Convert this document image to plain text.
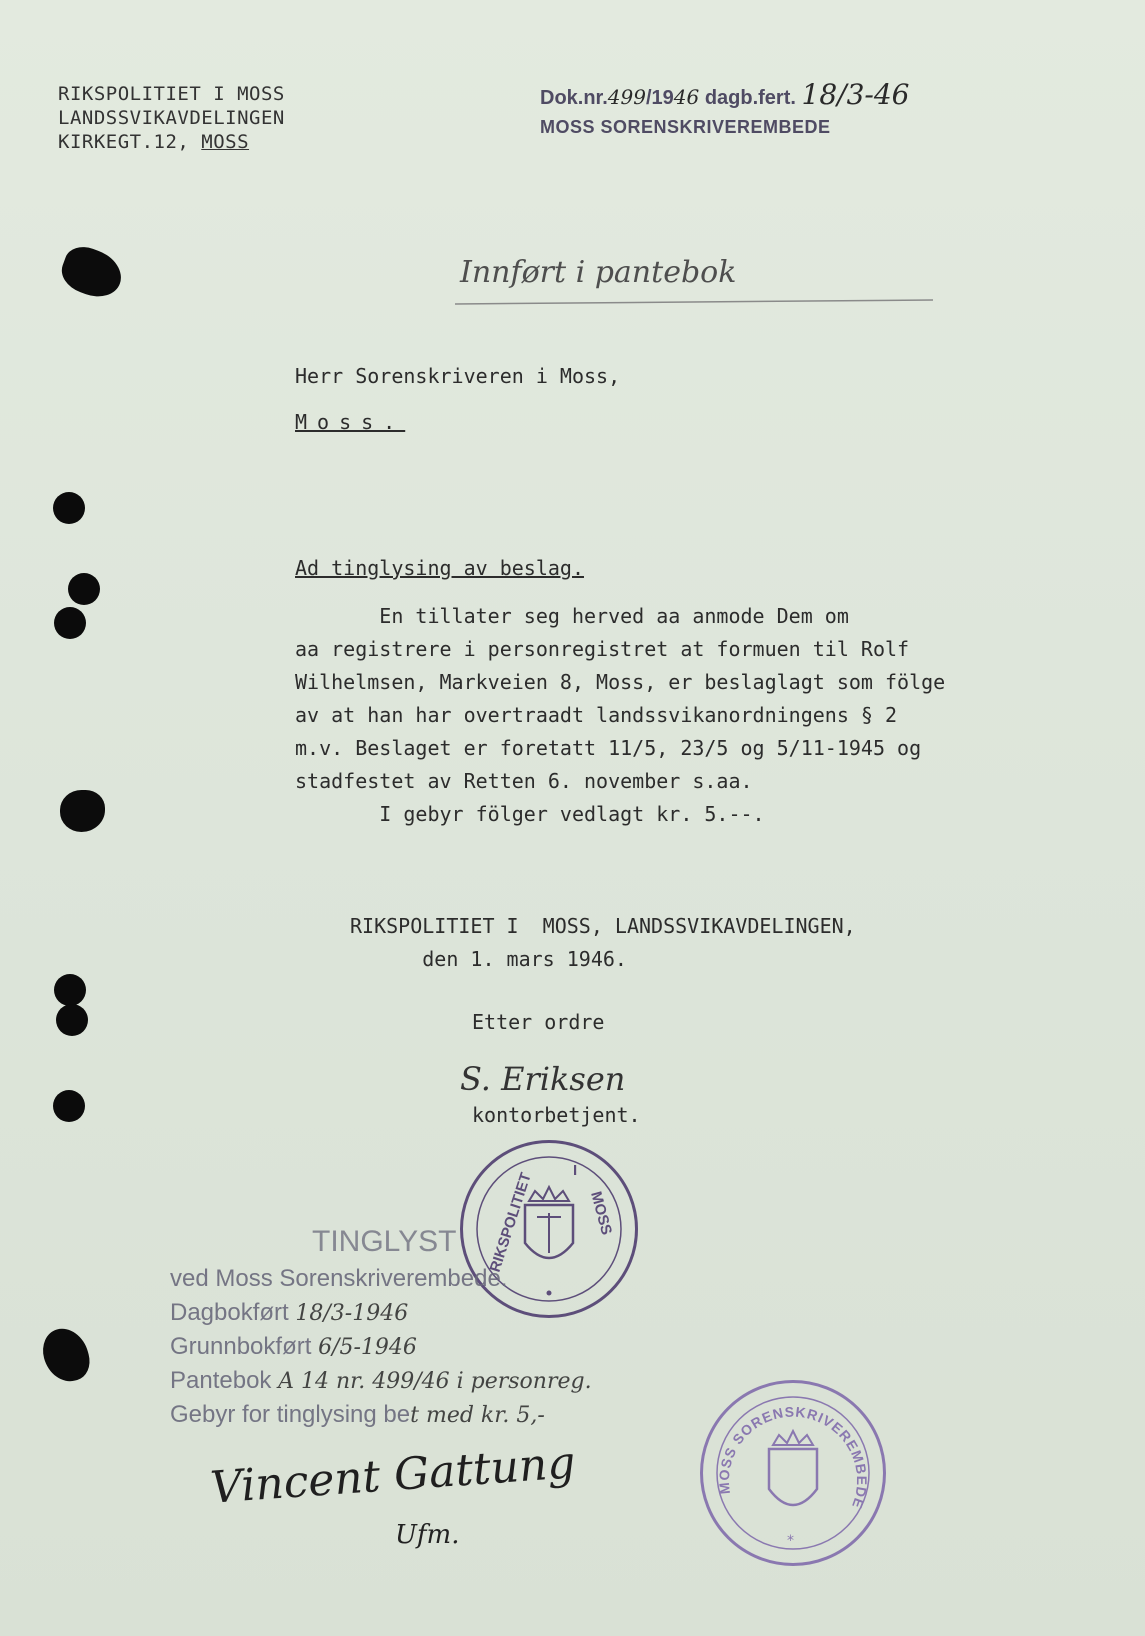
RIKSPOLITIET I MOSS
LANDSSVIKAVDELINGEN
KIRKEGT.12, MOSS
Dok.nr.499/1946 dagb.fert. 18/3-46
MOSS SORENSKRIVEREMBEDE
Innført i pantebok
Herr Sorenskriveren i Moss,
Moss.
Ad tinglysing av beslag.
En tillater seg herved aa anmode Dem om
aa registrere i personregistret at formuen til Rolf
Wilhelmsen, Markveien 8, Moss, er beslaglagt som fölge
av at han har overtraadt landssvikanordningens § 2
m.v. Beslaget er foretatt 11/5, 23/5 og 5/11-1945 og
stadfestet av Retten 6. november s.aa.
I gebyr fölger vedlagt kr. 5.--.
RIKSPOLITIET I  MOSS, LANDSSVIKAVDELINGEN,
den 1. mars 1946.
Etter ordre
S. Eriksen
kontorbetjent.
RIKSPOLITIET
I
MOSS
TINGLYST
ved Moss Sorenskriverembede.
Dagbokført 18/3-1946
Grunnbokført 6/5-1946
Pantebok A 14 nr. 499/46 i personreg.
Gebyr for tinglysing bet med kr. 5,-
Vincent Gattung
Ufm.
MOSS SORENSKRIVEREMBEDE
*
